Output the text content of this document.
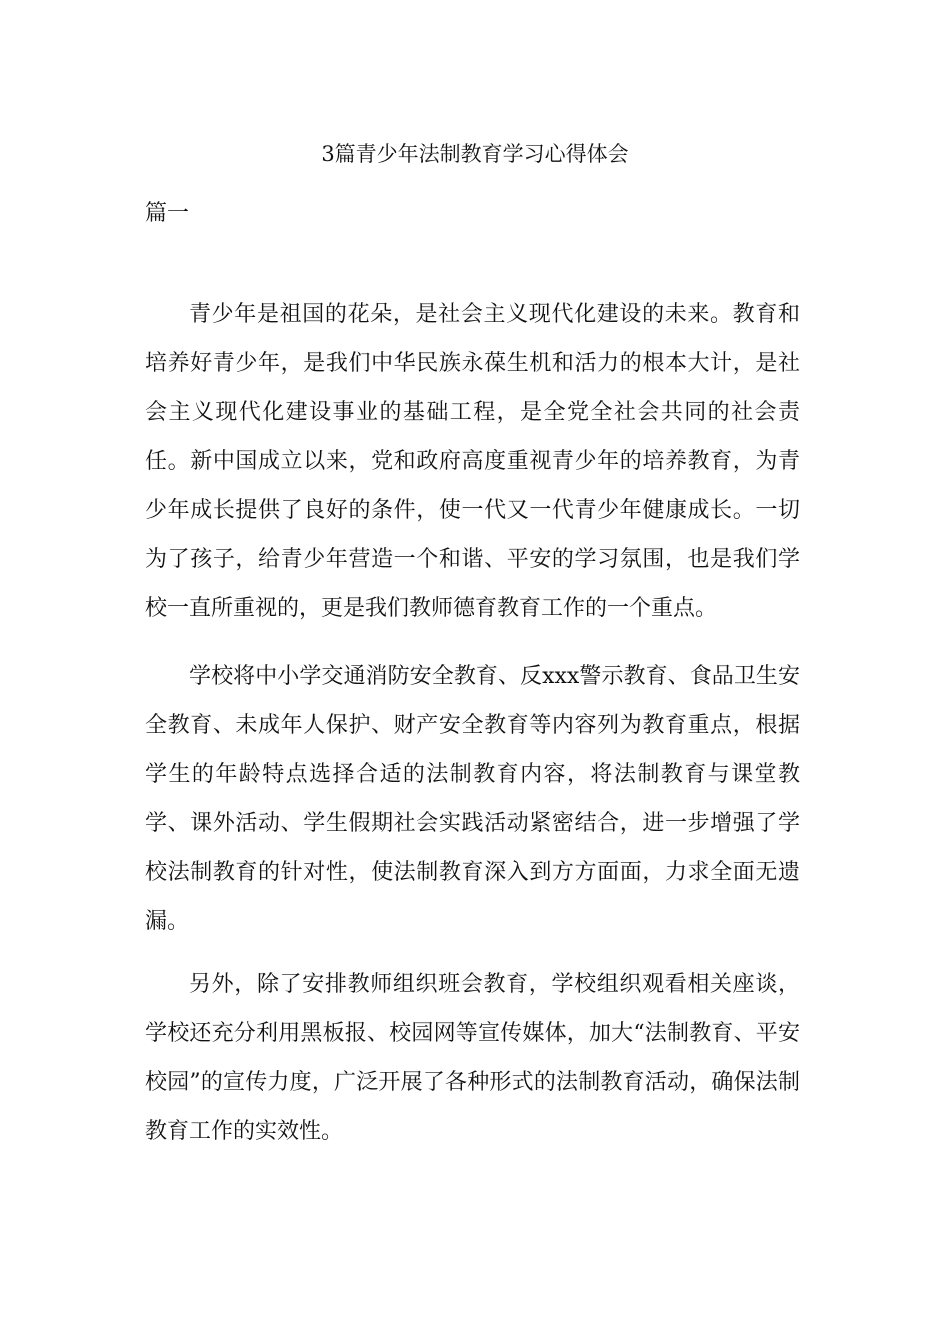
3篇青少年法制教育学习心得体会
篇一

青少年是祖国的花朵，是社会主义现代化建设的未来。教育和培养好青少年，是我们中华民族永葆生机和活力的根本大计，是社会主义现代化建设事业的基础工程，是全党全社会共同的社会责任。新中国成立以来，党和政府高度重视青少年的培养教育，为青少年成长提供了良好的条件，使一代又一代青少年健康成长。一切为了孩子，给青少年营造一个和谐、平安的学习氛围，也是我们学校一直所重视的，更是我们教师德育教育工作的一个重点。

学校将中小学交通消防安全教育、反xxx警示教育、食品卫生安全教育、未成年人保护、财产安全教育等内容列为教育重点，根据学生的年龄特点选择合适的法制教育内容，将法制教育与课堂教学、课外活动、学生假期社会实践活动紧密结合，进一步增强了学校法制教育的针对性，使法制教育深入到方方面面，力求全面无遗漏。

另外，除了安排教师组织班会教育，学校组织观看相关座谈，学校还充分利用黑板报、校园网等宣传媒体，加大“法制教育、平安校园”的宣传力度，广泛开展了各种形式的法制教育活动，确保法制教育工作的实效性。
